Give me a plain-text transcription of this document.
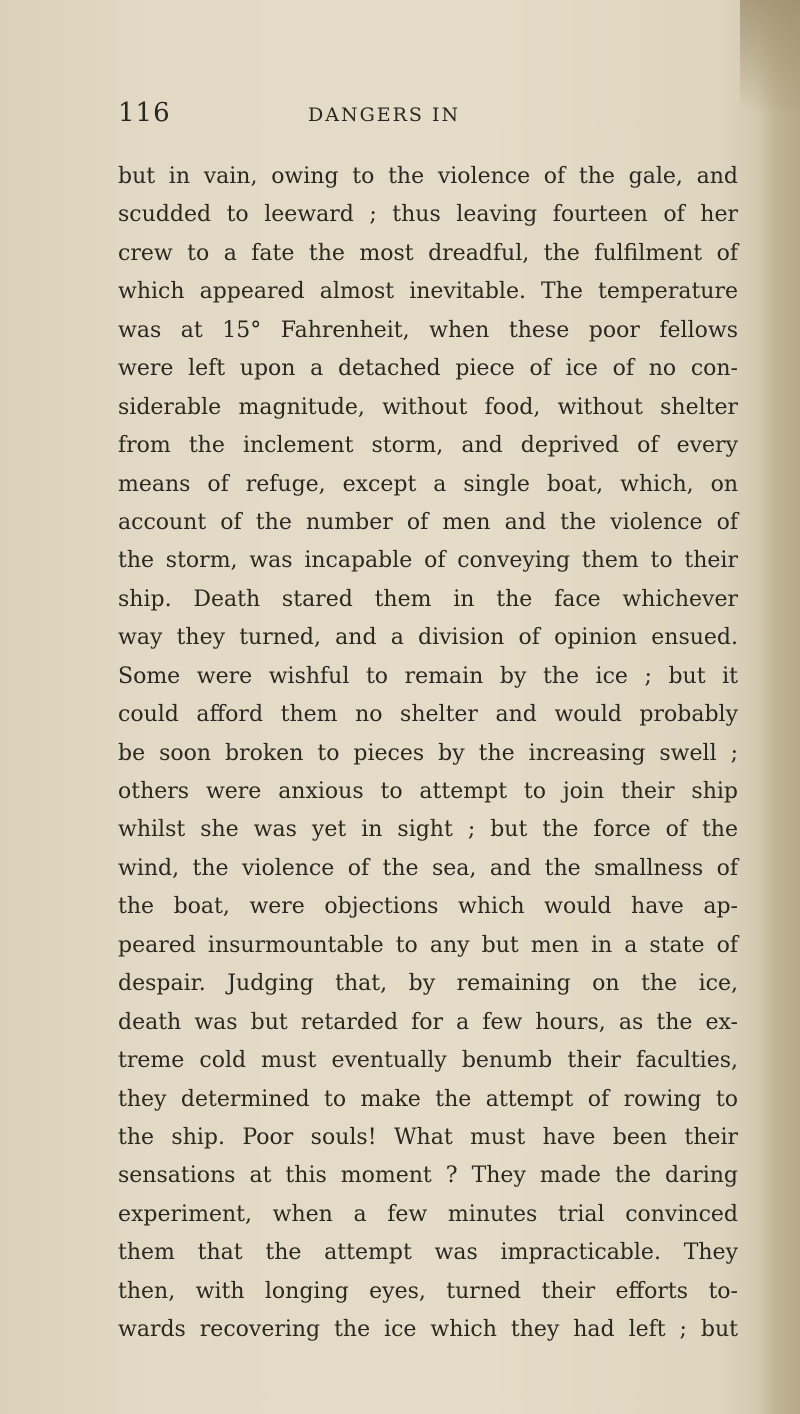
116	DANGERS IN
but in vain, owing to the violence of the gale, and
scudded to leeward ; thus leaving fourteen of her
crew to a fate the most dreadful, the fulfilment of
which appeared almost inevitable. The temperature
was at 15° Fahrenheit, when these poor fellows
were left upon a detached piece of ice of no con-
siderable magnitude, without food, without shelter
from the inclement storm, and deprived of every
means of refuge, except a single boat, which, on
account of the number of men and the violence of
the storm, was incapable of conveying them to their
ship. Death stared them in the face whichever
way they turned, and a division of opinion ensued.
Some were wishful to remain by the ice ; but it
could afford them no shelter and would probably
be soon broken to pieces by the increasing swell ;
others were anxious to attempt to join their ship
whilst she was yet in sight ; but the force of the
wind, the violence of the sea, and the smallness of
the boat, were objections which would have ap-
peared insurmountable to any but men in a state of
despair. Judging that, by remaining on the ice,
death was but retarded for a few hours, as the ex-
treme cold must eventually benumb their faculties,
they determined to make the attempt of rowing to
the ship. Poor souls! What must have been their
sensations at this moment ? They made the daring
experiment, when a few minutes trial convinced
them that the attempt was impracticable. They
then, with longing eyes, turned their efforts to-
wards recovering the ice which they had left ; but
